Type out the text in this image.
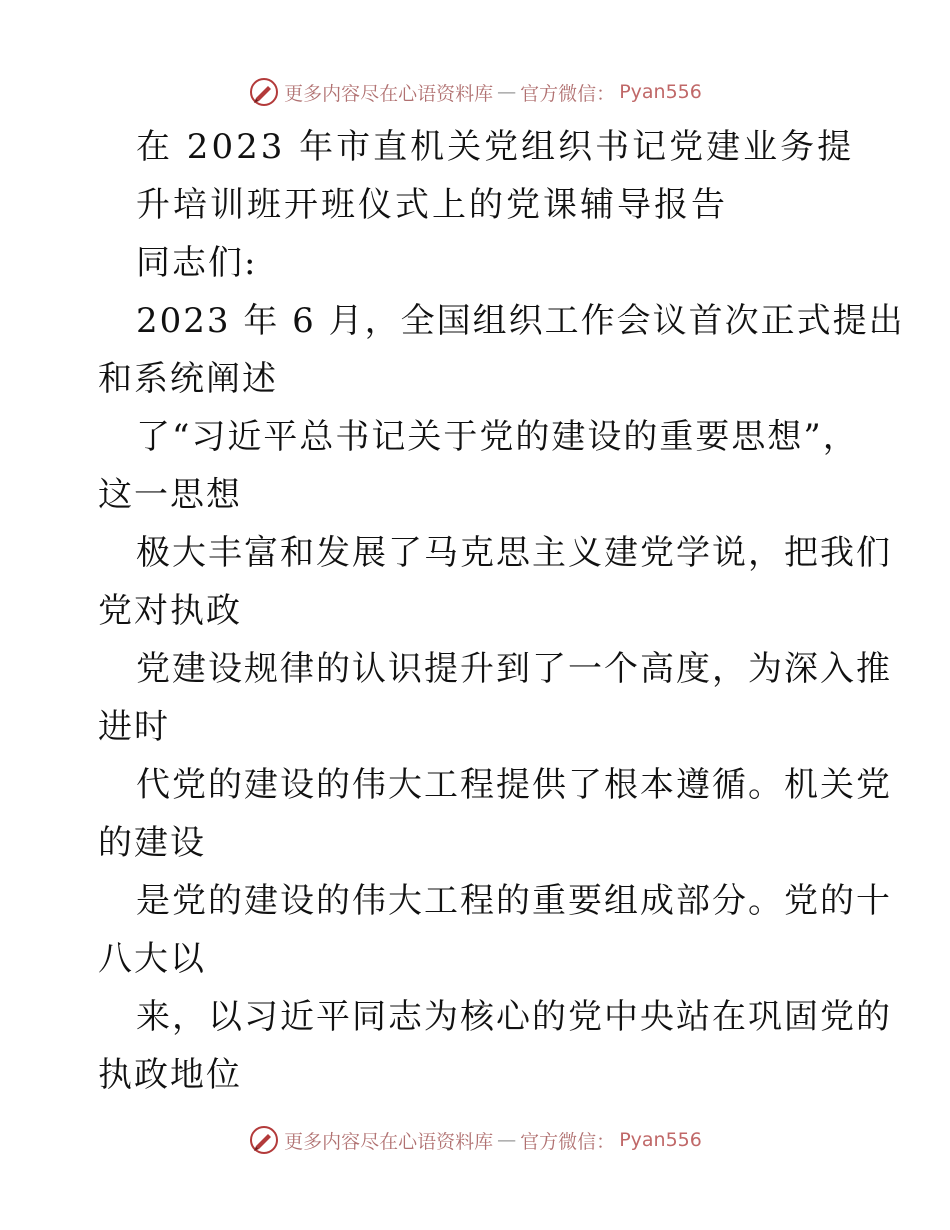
更多内容尽在心语资料库 — 官方微信： Pyan556
在 2023 年市直机关党组织书记党建业务提
升培训班开班仪式上的党课辅导报告
同志们:
2023 年 6 月，全国组织工作会议首次正式提出
和系统阐述
了“习近平总书记关于党的建设的重要思想”，
这一思想
极大丰富和发展了马克思主义建党学说，把我们
党对执政
党建设规律的认识提升到了一个高度，为深入推
进时
代党的建设的伟大工程提供了根本遵循。机关党
的建设
是党的建设的伟大工程的重要组成部分。党的十
八大以
来，以习近平同志为核心的党中央站在巩固党的
执政地位
更多内容尽在心语资料库 — 官方微信： Pyan556
